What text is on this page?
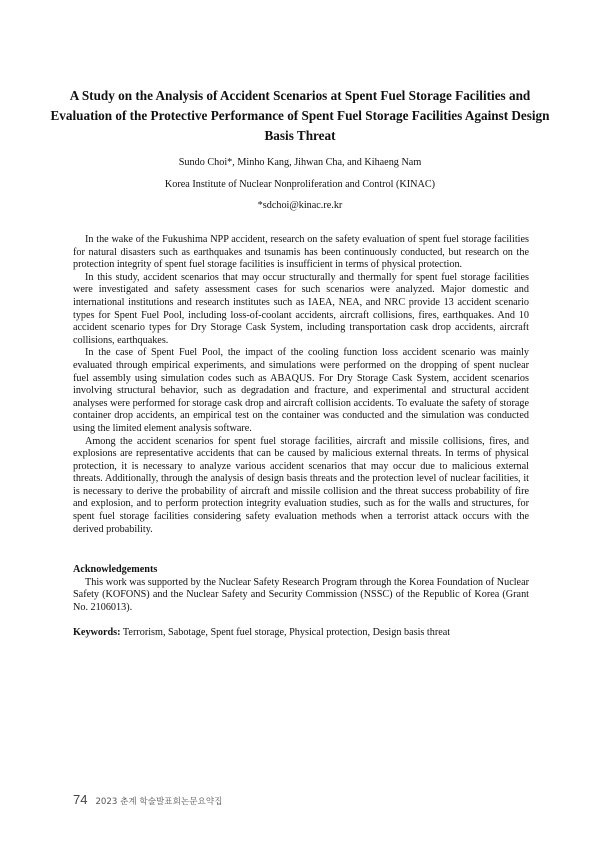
A Study on the Analysis of Accident Scenarios at Spent Fuel Storage Facilities and Evaluation of the Protective Performance of Spent Fuel Storage Facilities Against Design Basis Threat
Sundo Choi*, Minho Kang, Jihwan Cha, and Kihaeng Nam
Korea Institute of Nuclear Nonproliferation and Control (KINAC)
*sdchoi@kinac.re.kr

In the wake of the Fukushima NPP accident, research on the safety evaluation of spent fuel storage facilities for natural disasters such as earthquakes and tsunamis has been continuously conducted, but research on the protection integrity of spent fuel storage facilities is insufficient in terms of physical protection.

In this study, accident scenarios that may occur structurally and thermally for spent fuel storage facilities were investigated and safety assessment cases for such scenarios were analyzed. Major domestic and international institutions and research institutes such as IAEA, NEA, and NRC provide 13 accident scenario types for Spent Fuel Pool, including loss-of-coolant accidents, aircraft collisions, fires, earthquakes. And 10 accident scenario types for Dry Storage Cask System, including transportation cask drop accidents, aircraft collisions, earthquakes.

In the case of Spent Fuel Pool, the impact of the cooling function loss accident scenario was mainly evaluated through empirical experiments, and simulations were performed on the dropping of spent nuclear fuel assembly using simulation codes such as ABAQUS. For Dry Storage Cask System, accident scenarios involving structural behavior, such as degradation and fracture, and experimental and structural accident analyses were performed for storage cask drop and aircraft collision accidents. To evaluate the safety of storage container drop accidents, an empirical test on the container was conducted and the simulation was conducted using the limited element analysis software.

Among the accident scenarios for spent fuel storage facilities, aircraft and missile collisions, fires, and explosions are representative accidents that can be caused by malicious external threats. In terms of physical protection, it is necessary to analyze various accident scenarios that may occur due to malicious external threats. Additionally, through the analysis of design basis threats and the protection level of nuclear facilities, it is necessary to derive the probability of aircraft and missile collision and the threat success probability of fire and explosion, and to perform protection integrity evaluation studies, such as for the walls and structures, for spent fuel storage facilities considering safety evaluation methods when a terrorist attack occurs with the derived probability.

Acknowledgements

This work was supported by the Nuclear Safety Research Program through the Korea Foundation of Nuclear Safety (KOFONS) and the Nuclear Safety and Security Commission (NSSC) of the Republic of Korea (Grant No. 2106013).

Keywords: Terrorism, Sabotage, Spent fuel storage, Physical protection, Design basis threat
74 2023 춘계 학술발표회논문요약집
